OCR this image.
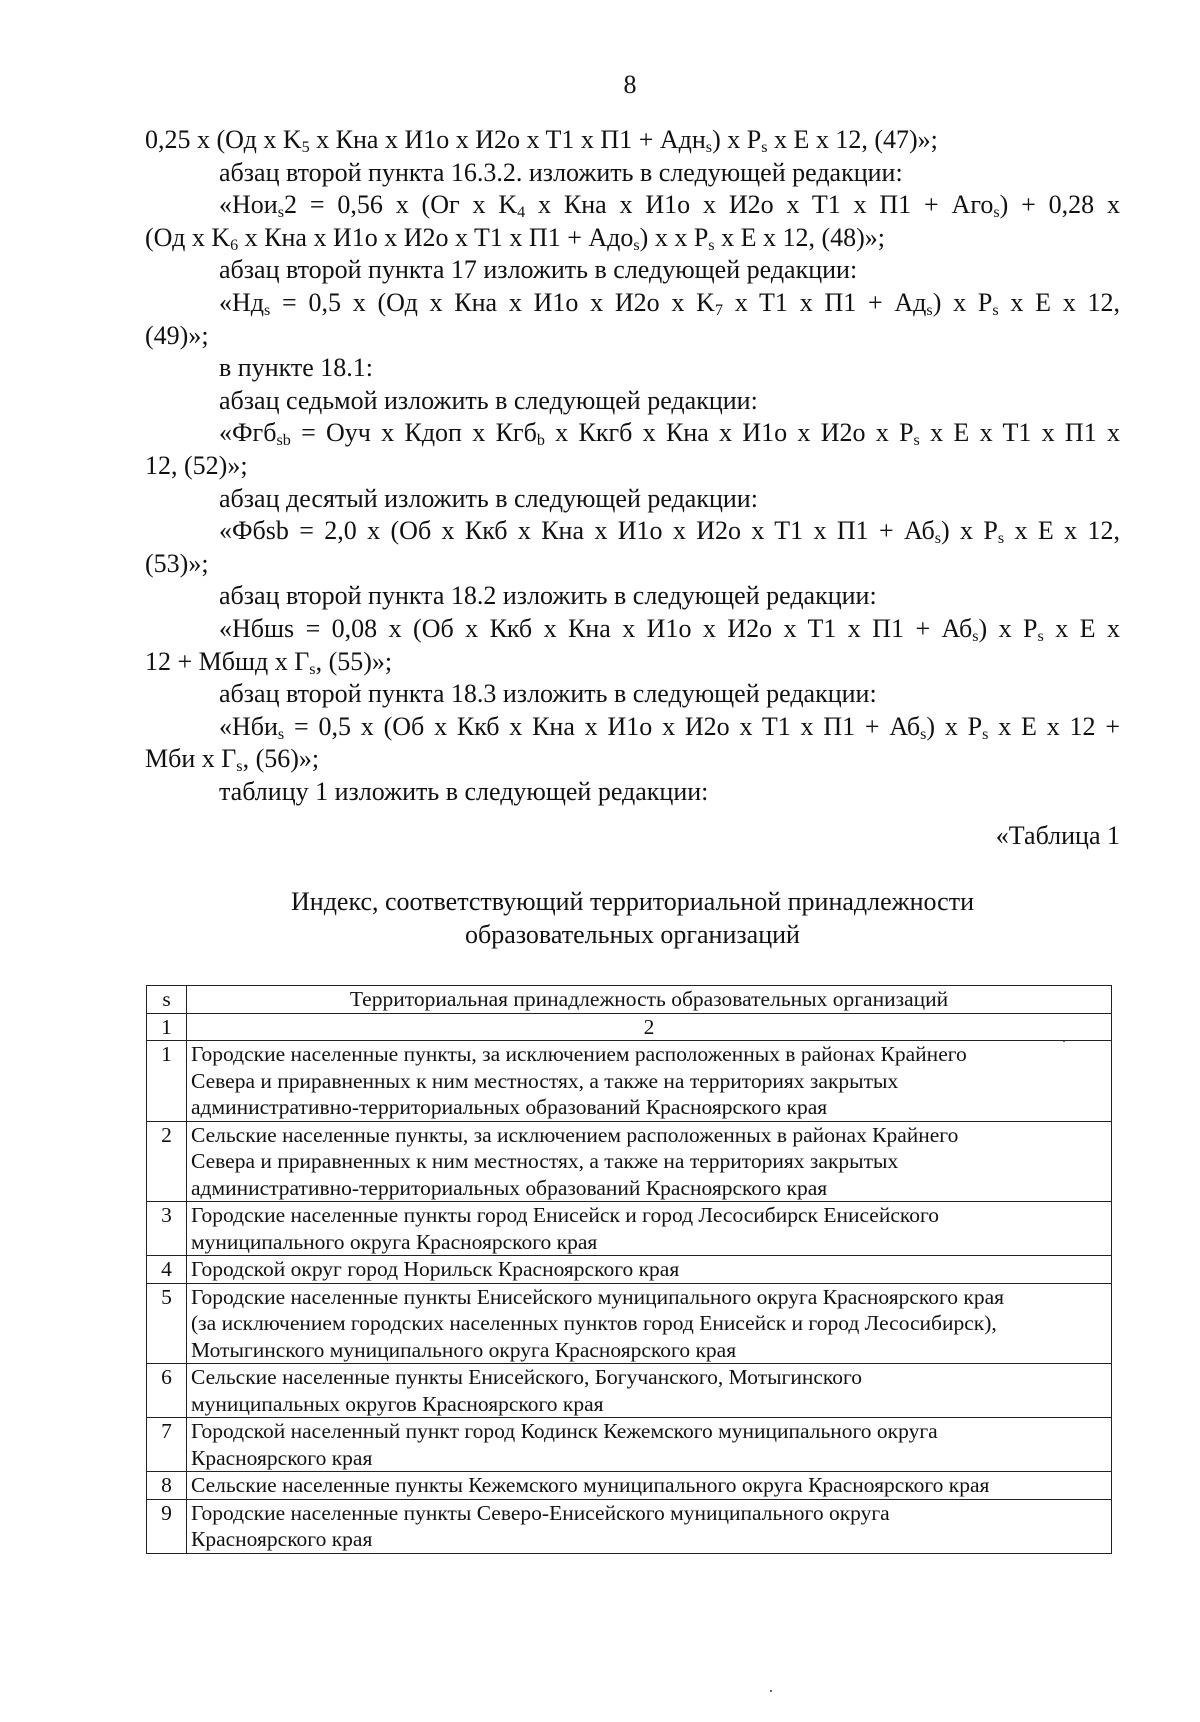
8
0,25 x (Од x $K_5$ x Кна x И1о x И2о x T1 x П1 + Адн$_s$) x $P_s$ x E x 12, (47)»;
абзац второй пункта 16.3.2. изложить в следующей редакции:
«Нои$_s$2 = 0,56 x (Ог x $K_4$ x Кна x И1о x И2о x T1 x П1 + Аго$_s$) + 0,28 x
(Од x $K_6$ x Кна x И1о x И2о x T1 x П1 + Адо$_s$) x x $P_s$ x E x 12, (48)»;
абзац второй пункта 17 изложить в следующей редакции:
«$Нд_s = 0,5$ x (Од x Кна x И1о x И2о x $K_7$ x T1 x $П1 + Ад_s$) x $P_s$ x E x 12,
(49)»;
в пункте 18.1:
абзац седьмой изложить в следующей редакции:
«Фгб$_{sb}$ = Оуч x Кдоп x Кгб$_b$ x Ккгб x Кна x И1о x И2о x $P_s$ x E x T1 x П1 x
12, (52)»;
абзац десятый изложить в следующей редакции:
«Фбsb = 2,0 x (Об x Ккб x Кна x И1о x И2о x T1 x $П1 + Аб_s$) x $P_s$ x E x 12,
(53)»;
абзац второй пункта 18.2 изложить в следующей редакции:
«Нбшs = 0,08 x (Об x Ккб x Кна x И1о x И2о x T1 x $П1 + Аб_s$) x $P_s$ x E x
12 + Мбшд x $Г_s$, (55)»;
абзац второй пункта 18.3 изложить в следующей редакции:
«Нби$_s$ = 0,5 x (Об x Ккб x Кна x И1о x И2о x T1 x $П1 + Аб_s$) x $P_s$ x E x 12 +
Мби x $Г_s$, (56)»;
таблицу 1 изложить в следующей редакции:
«Таблица 1
Индекс, соответствующий территориальной принадлежности
образовательных организаций
s	Территориальная принадлежность образовательных организаций
1	2
1	Городские населенные пункты, за исключением расположенных в районах Крайнего
Севера и приравненных к ним местностях, а также на территориях закрытых
административно-территориальных образований Красноярского края

2	Сельские населенные пункты, за исключением расположенных в районах Крайнего
Севера и приравненных к ним местностях, а также на территориях закрытых
административно-территориальных образований Красноярского края

3	Городские населенные пункты город Енисейск и город Лесосибирск Енисейского
муниципального округа Красноярского края

4	Городской округ город Норильск Красноярского края

5	Городские населенные пункты Енисейского муниципального округа Красноярского края
(за исключением городских населенных пунктов город Енисейск и город Лесосибирск),
Мотыгинского муниципального округа Красноярского края

6	Сельские населенные пункты Енисейского, Богучанского, Мотыгинского
муниципальных округов Красноярского края

7	Городской населенный пункт город Кодинск Кежемского муниципального округа
Красноярского края

8	Сельские населенные пункты Кежемского муниципального округа Красноярского края

9	Городские населенные пункты Северо-Енисейского муниципального округа
Красноярского края
